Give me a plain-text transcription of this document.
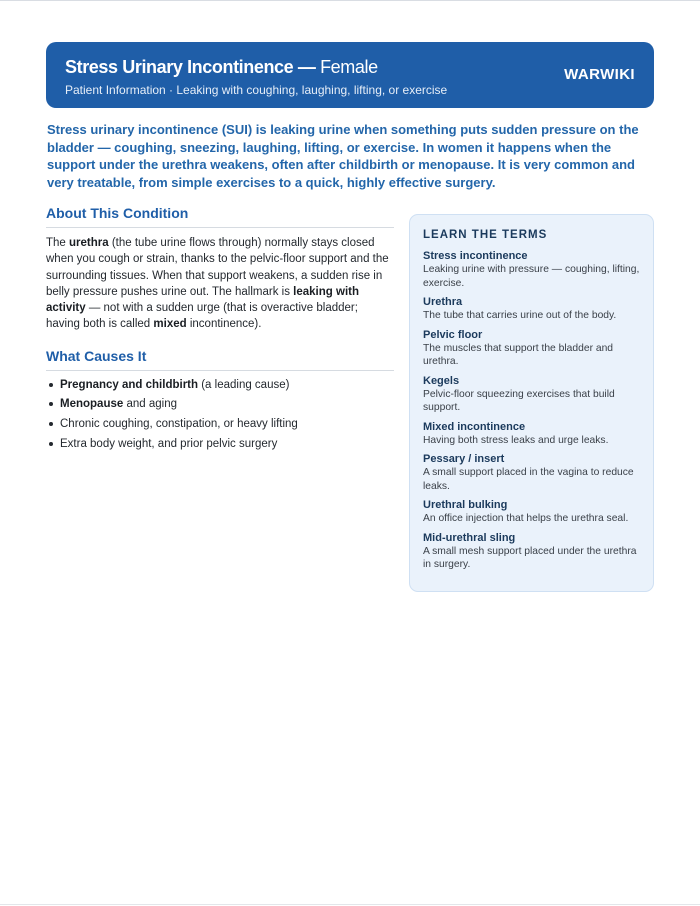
Stress Urinary Incontinence — Female
Patient Information · Leaking with coughing, laughing, lifting, or exercise
WARWIKI
Stress urinary incontinence (SUI) is leaking urine when something puts sudden pressure on the bladder — coughing, sneezing, laughing, lifting, or exercise. In women it happens when the support under the urethra weakens, often after childbirth or menopause. It is very common and very treatable, from simple exercises to a quick, highly effective surgery.
About This Condition
The urethra (the tube urine flows through) normally stays closed when you cough or strain, thanks to the pelvic-floor support and the surrounding tissues. When that support weakens, a sudden rise in belly pressure pushes urine out. The hallmark is leaking with activity — not with a sudden urge (that is overactive bladder; having both is called mixed incontinence).
What Causes It
Pregnancy and childbirth (a leading cause)
Menopause and aging
Chronic coughing, constipation, or heavy lifting
Extra body weight, and prior pelvic surgery
LEARN THE TERMS
Stress incontinence
Leaking urine with pressure — coughing, lifting, exercise.
Urethra
The tube that carries urine out of the body.
Pelvic floor
The muscles that support the bladder and urethra.
Kegels
Pelvic-floor squeezing exercises that build support.
Mixed incontinence
Having both stress leaks and urge leaks.
Pessary / insert
A small support placed in the vagina to reduce leaks.
Urethral bulking
An office injection that helps the urethra seal.
Mid-urethral sling
A small mesh support placed under the urethra in surgery.
